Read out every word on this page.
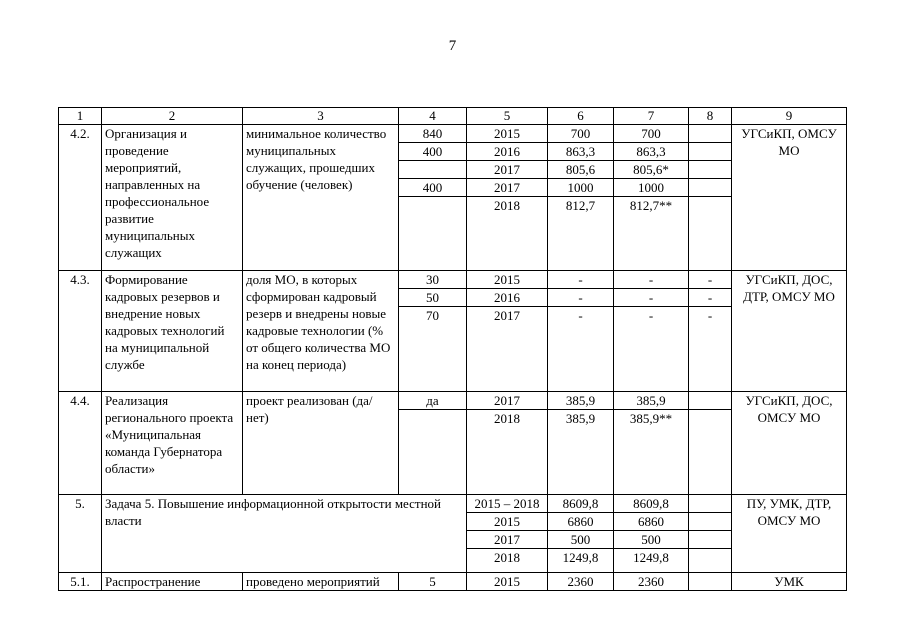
7
1	2	3	4	5	6	7	8	9
4.2.	Организация и проведение мероприятий, направленных на профессиональное развитие муниципальных служащих	минимальное количество муниципальных служащих, прошедших обучение (человек)	840	2015	700	700		УГСиКП, ОМСУ МО
			400	2016	863,3	863,3		
				2017	805,6	805,6*		
			400	2017	1000	1000		
				2018	812,7	812,7**		
4.3.	Формирование кадровых резервов и внедрение новых кадровых технологий на муниципальной службе	доля МО, в которых сформирован кадровый резерв и внедрены новые кадровые технологии (% от общего количества МО на конец периода)	30	2015	-	-	-	УГСиКП, ДОС, ДТР, ОМСУ МО
			50	2016	-	-	-	
			70	2017	-	-	-	
4.4.	Реализация регионального проекта «Муниципальная команда Губернатора области»	проект реализован (да/нет)	да	2017	385,9	385,9		УГСиКП, ДОС, ОМСУ МО
				2018	385,9	385,9**		
5.	Задача 5. Повышение информационной открытости местной власти			2015 – 2018	8609,8	8609,8		ПУ, УМК, ДТР, ОМСУ МО
				2015	6860	6860		
				2017	500	500		
				2018	1249,8	1249,8		
5.1.	Распространение	проведено мероприятий	5	2015	2360	2360		УМК
